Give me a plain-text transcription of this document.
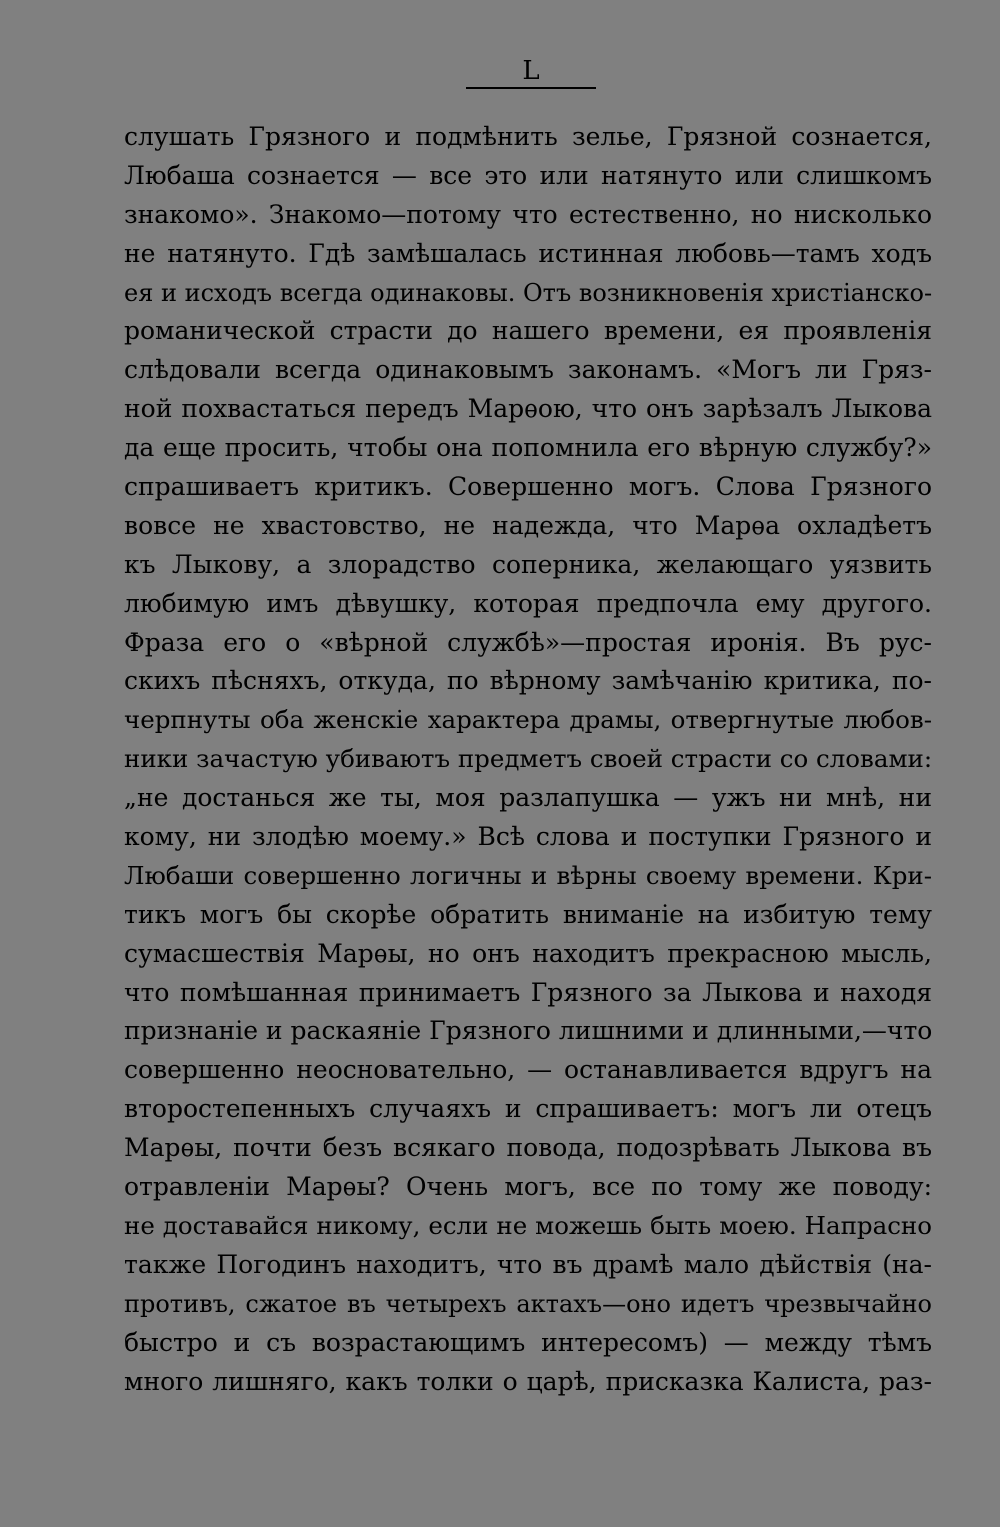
L
слушать Грязного и подмѣнить зелье, Грязной сознается,
Любаша сознается — все это или натянуто или слишкомъ
знакомо». Знакомо—потому что естественно, но нисколько
не натянуто. Гдѣ замѣшалась истинная любовь—тамъ ходъ
ея и исходъ всегда одинаковы. Отъ возникновенія христіанско-
романической страсти до нашего времени, ея проявленія
слѣдовали всегда одинаковымъ законамъ. «Могъ ли Гряз-
ной похвастаться передъ Марѳою, что онъ зарѣзалъ Лыкова
да еще просить, чтобы она попомнила его вѣрную службу?»
спрашиваетъ критикъ. Совершенно могъ. Слова Грязного
вовсе не хвастовство, не надежда, что Марѳа охладѣетъ
къ Лыкову, а злорадство соперника, желающаго уязвить
любимую имъ дѣвушку, которая предпочла ему другого.
Фраза его о «вѣрной службѣ»—простая иронія. Въ рус-
скихъ пѣсняхъ, откуда, по вѣрному замѣчанію критика, по-
черпнуты оба женскіе характера драмы, отвергнутые любов-
ники зачастую убиваютъ предметъ своей страсти со словами:
„не достанься же ты, моя разлапушка — ужъ ни мнѣ, ни
кому, ни злодѣю моему.» Всѣ слова и поступки Грязного и
Любаши совершенно логичны и вѣрны своему времени. Кри-
тикъ могъ бы скорѣе обратить вниманіе на избитую тему
сумасшествія Марѳы, но онъ находитъ прекрасною мысль,
что помѣшанная принимаетъ Грязного за Лыкова и находя
признаніе и раскаяніе Грязного лишними и длинными,—что
совершенно неосновательно, — останавливается вдругъ на
второстепенныхъ случаяхъ и спрашиваетъ: могъ ли отецъ
Марѳы, почти безъ всякаго повода, подозрѣвать Лыкова въ
отравленіи Марѳы? Очень могъ, все по тому же поводу:
не доставайся никому, если не можешь быть моею. Напрасно
также Погодинъ находитъ, что въ драмѣ мало дѣйствія (на-
противъ, сжатое въ четырехъ актахъ—оно идетъ чрезвычайно
быстро и съ возрастающимъ интересомъ) — между тѣмъ
много лишняго, какъ толки о царѣ, присказка Калиста, раз-
